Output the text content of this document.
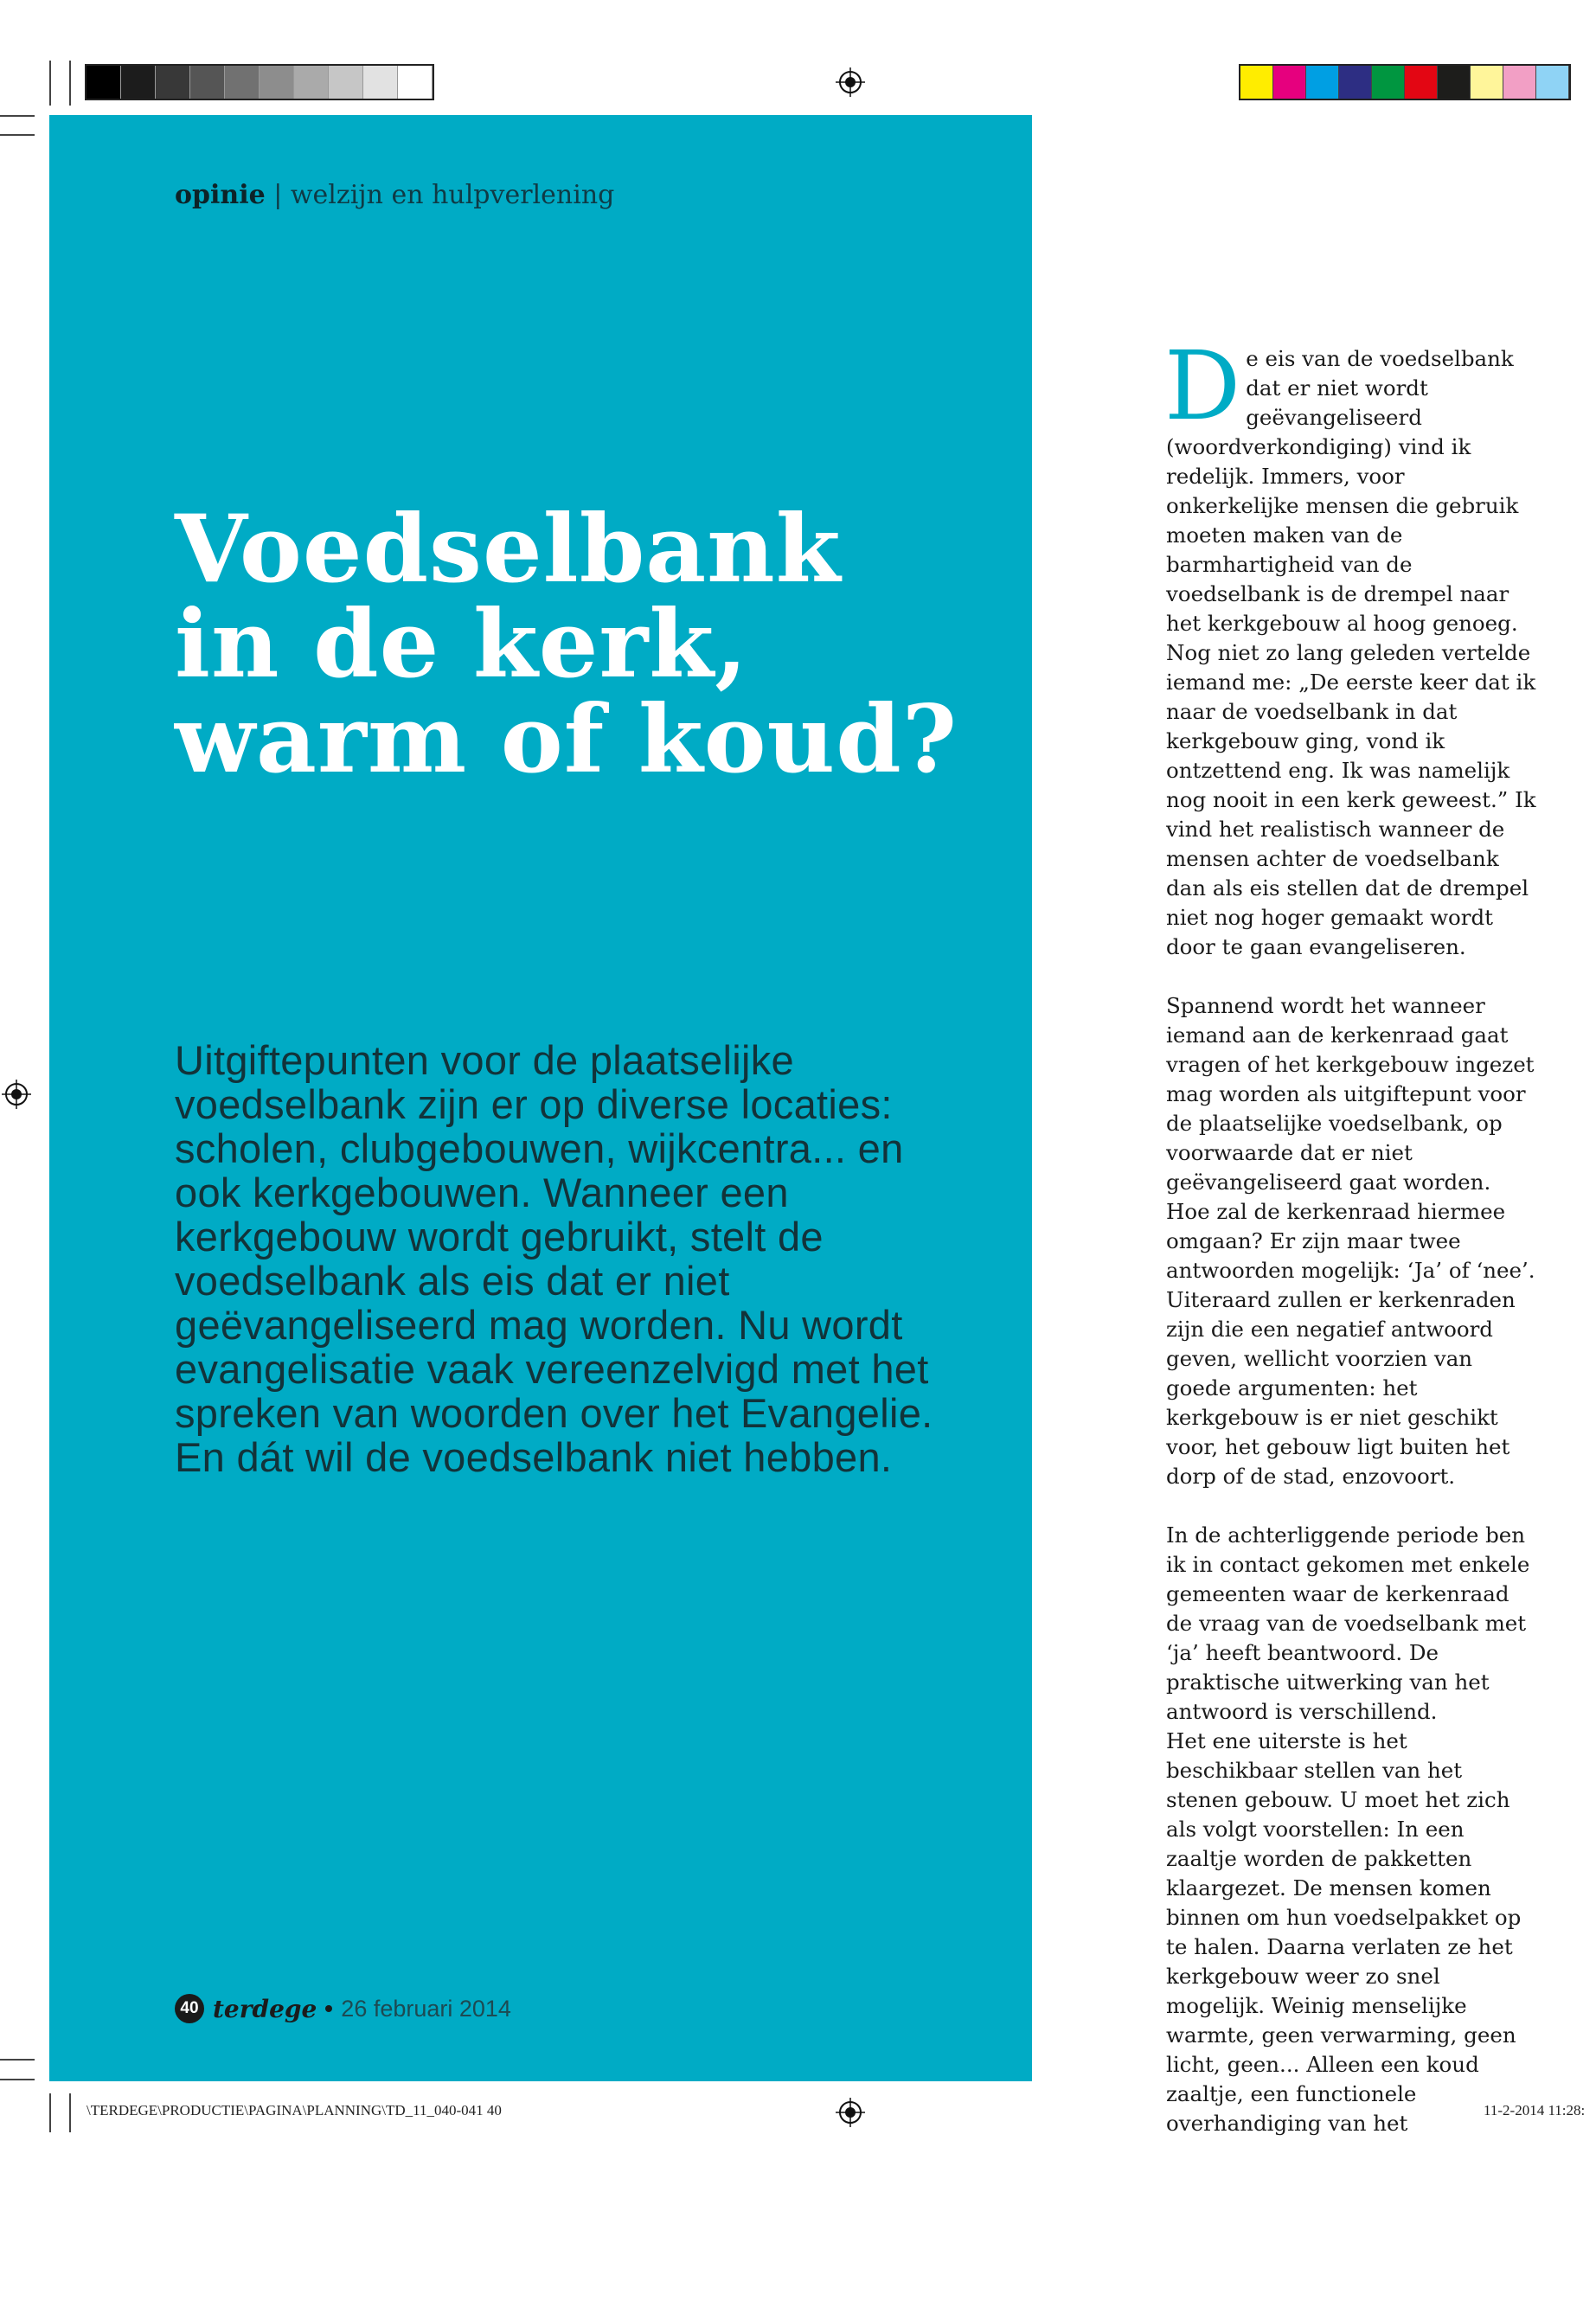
opinie | welzijn en hulpverlening
Voedselbank
in de kerk,
warm of koud?
Uitgiftepunten voor de plaatselijke voedselbank zijn er op diverse locaties: scholen, clubgebouwen, wijkcentra... en ook kerkgebouwen. Wanneer een kerkgebouw wordt gebruikt, stelt de voedselbank als eis dat er niet geëvangeliseerd mag worden. Nu wordt evangelisatie vaak vereenzelvigd met het spreken van woorden over het Evangelie. En dát wil de voedselbank niet hebben.
40 terdege 26 februari 2014

De eis van de voedselbank dat er niet wordt geëvangeliseerd (woordverkondiging) vind ik redelijk. Immers, voor onkerkelijke mensen die gebruik moeten maken van de barmhartigheid van de voedselbank is de drempel naar het kerkgebouw al hoog genoeg. Nog niet zo lang geleden vertelde iemand me: „De eerste keer dat ik naar de voedselbank in dat kerkgebouw ging, vond ik ontzettend eng. Ik was namelijk nog nooit in een kerk geweest.” Ik vind het realistisch wanneer de mensen achter de voedselbank dan als eis stellen dat de drempel niet nog hoger gemaakt wordt door te gaan evangeliseren.

Spannend wordt het wanneer iemand aan de kerkenraad gaat vragen of het kerkgebouw ingezet mag worden als uitgiftepunt voor de plaatselijke voedselbank, op voorwaarde dat er niet geëvangeliseerd gaat worden. Hoe zal de kerkenraad hiermee omgaan? Er zijn maar twee antwoorden mogelijk: ‘Ja’ of ‘nee’. Uiteraard zullen er kerkenraden zijn die een negatief antwoord geven, wellicht voorzien van goede argumenten: het kerkgebouw is er niet geschikt voor, het gebouw ligt buiten het dorp of de stad, enzovoort.

In de achterliggende periode ben ik in contact gekomen met enkele gemeenten waar de kerkenraad de vraag van de voedselbank met ‘ja’ heeft beantwoord. De praktische uitwerking van het antwoord is verschillend.

Het ene uiterste is het beschikbaar stellen van het stenen gebouw. U moet het zich als volgt voorstellen: In een zaaltje worden de pakketten klaargezet. De mensen komen binnen om hun voedselpakket op te halen. Daarna verlaten ze het kerkgebouw weer zo snel mogelijk. Weinig menselijke warmte, geen verwarming, geen licht, geen... Alleen een koud zaaltje, een functionele overhandiging van het

\TERDEGE\PRODUCTIE\PAGINA\PLANNING\TD_11_040-041 40	11-2-2014 11:28:
